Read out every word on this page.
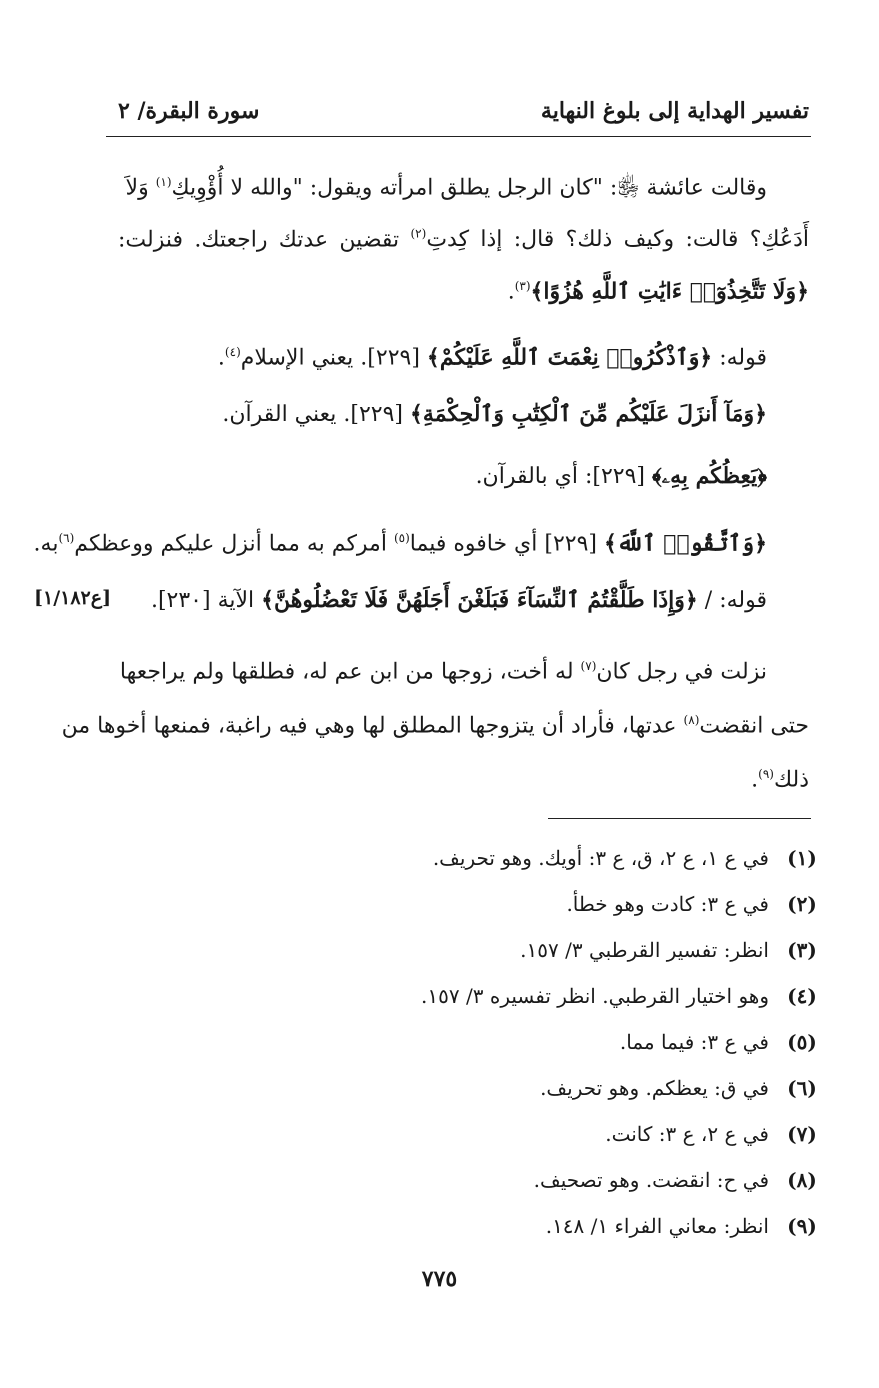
تفسير الهداية إلى بلوغ النهاية
سورة البقرة/ ٢
وقالت عائشة ﵂: "كان الرجل يطلق امرأته ويقول: "والله لا أُؤْوِيكِ$^{(١)}$ وَلاَ
أَدَعُكِ؟ قالت: وكيف ذلك؟ قال: إذا كِدتِ$^{(٢)}$ تقضين عدتك راجعتك. فنزلت:
﴿وَلَا تَتَّخِذُوٓا۟ ءَايَٰتِ ٱللَّهِ هُزُوًا﴾$^{(٣)}$.
قوله: ﴿وَٱذْكُرُوا۟ نِعْمَتَ ٱللَّهِ عَلَيْكُمْ﴾ [٢٢٩]. يعني الإسلام$^{(٤)}$.
﴿وَمَآ أَنزَلَ عَلَيْكُم مِّنَ ٱلْكِتَٰبِ وَٱلْحِكْمَةِ﴾ [٢٢٩]. يعني القرآن.
﴿يَعِظُكُم بِهِۦ﴾ [٢٢٩]: أي بالقرآن.
﴿وَٱتَّقُوا۟ ٱللَّهَ﴾ [٢٢٩] أي خافوه فيما$^{(٥)}$ أمركم به مما أنزل عليكم ووعظكم$^{(٦)}$به.
قوله: / ﴿وَإِذَا طَلَّقْتُمُ ٱلنِّسَآءَ فَبَلَغْنَ أَجَلَهُنَّ فَلَا تَعْضُلُوهُنَّ﴾ الآية [٢٣٠].
[ع١/١٨٢]
نزلت في رجل كان$^{(٧)}$ له أخت، زوجها من ابن عم له، فطلقها ولم يراجعها
حتى انقضت$^{(٨)}$ عدتها، فأراد أن يتزوجها المطلق لها وهي فيه راغبة، فمنعها أخوها من
ذلك$^{(٩)}$.
(١)في ع ١، ع ٢، ق، ع ٣: أويك. وهو تحريف.
(٢)في ع ٣: كادت وهو خطأ.
(٣)انظر: تفسير القرطبي ٣/ ١٥٧.
(٤)وهو اختيار القرطبي. انظر تفسيره ٣/ ١٥٧.
(٥)في ع ٣: فيما مما.
(٦)في ق: يعظكم. وهو تحريف.
(٧)في ع ٢، ع ٣: كانت.
(٨)في ح: انقضت. وهو تصحيف.
(٩)انظر: معاني الفراء ١/ ١٤٨.
٧٧٥
